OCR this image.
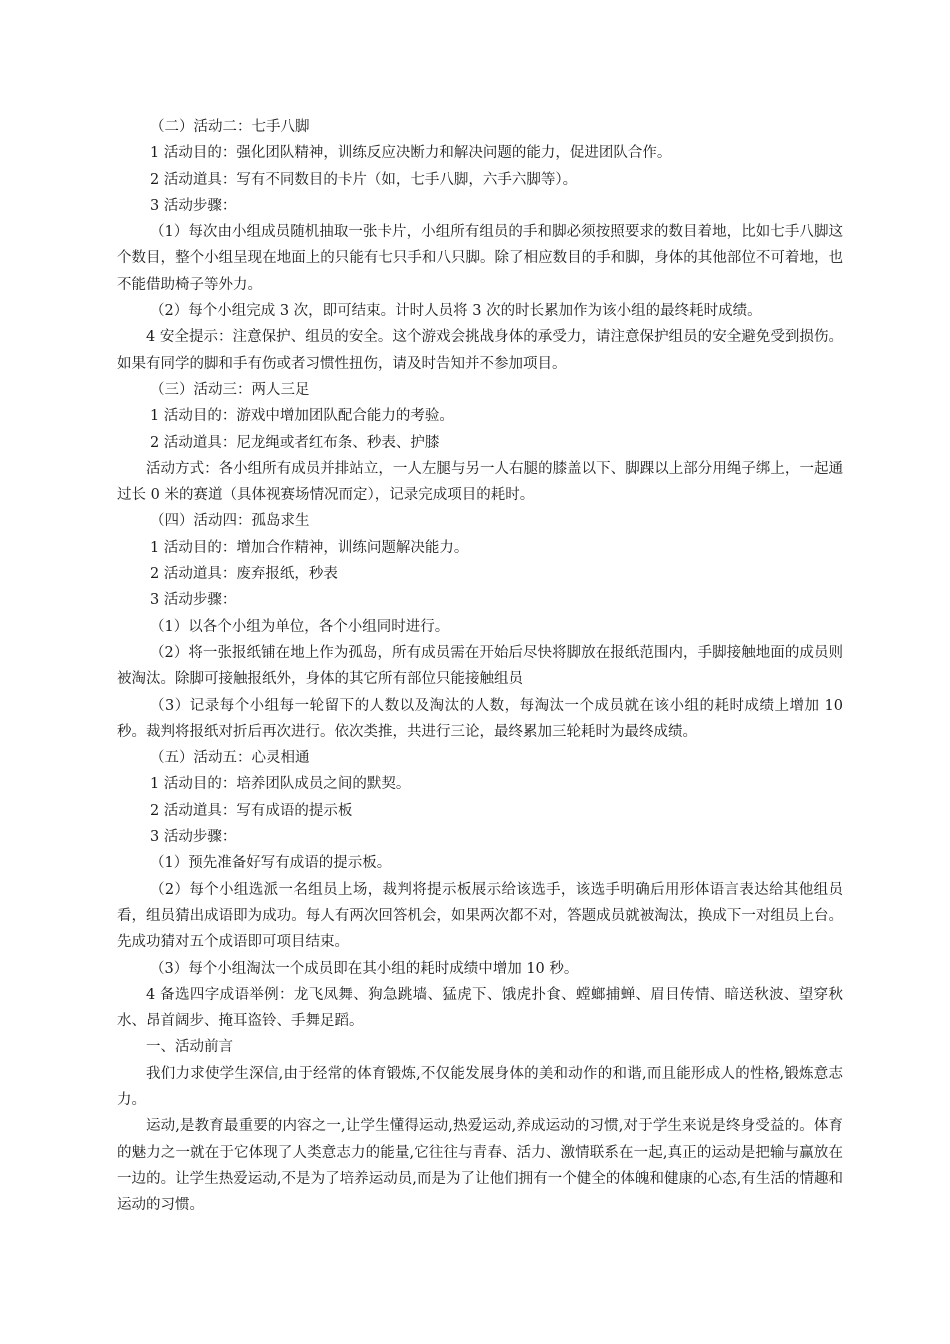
（二）活动二：七手八脚

1 活动目的：强化团队精神，训练反应决断力和解决问题的能力，促进团队合作。

2 活动道具：写有不同数目的卡片（如，七手八脚，六手六脚等）。

3 活动步骤：

（1）每次由小组成员随机抽取一张卡片，小组所有组员的手和脚必须按照要求的数目着地，比如七手八脚这个数目，整个小组呈现在地面上的只能有七只手和八只脚。除了相应数目的手和脚，身体的其他部位不可着地，也不能借助椅子等外力。

（2）每个小组完成 3 次，即可结束。计时人员将 3 次的时长累加作为该小组的最终耗时成绩。

4 安全提示：注意保护、组员的安全。这个游戏会挑战身体的承受力，请注意保护组员的安全避免受到损伤。如果有同学的脚和手有伤或者习惯性扭伤，请及时告知并不参加项目。

（三）活动三：两人三足

1 活动目的：游戏中增加团队配合能力的考验。

2 活动道具：尼龙绳或者红布条、秒表、护膝

活动方式：各小组所有成员并排站立，一人左腿与另一人右腿的膝盖以下、脚踝以上部分用绳子绑上，一起通过长 0 米的赛道（具体视赛场情况而定），记录完成项目的耗时。

（四）活动四：孤岛求生

1 活动目的：增加合作精神，训练问题解决能力。

2 活动道具：废弃报纸，秒表

3 活动步骤：

（1）以各个小组为单位，各个小组同时进行。

（2）将一张报纸铺在地上作为孤岛，所有成员需在开始后尽快将脚放在报纸范围内，手脚接触地面的成员则被淘汰。除脚可接触报纸外，身体的其它所有部位只能接触组员

（3）记录每个小组每一轮留下的人数以及淘汰的人数，每淘汰一个成员就在该小组的耗时成绩上增加 10 秒。裁判将报纸对折后再次进行。依次类推，共进行三论，最终累加三轮耗时为最终成绩。

（五）活动五：心灵相通

1 活动目的：培养团队成员之间的默契。

2 活动道具：写有成语的提示板

3 活动步骤：

（1）预先准备好写有成语的提示板。

（2）每个小组选派一名组员上场，裁判将提示板展示给该选手，该选手明确后用形体语言表达给其他组员看，组员猜出成语即为成功。每人有两次回答机会，如果两次都不对，答题成员就被淘汰，换成下一对组员上台。先成功猜对五个成语即可项目结束。

（3）每个小组淘汰一个成员即在其小组的耗时成绩中增加 10 秒。

4 备选四字成语举例：龙飞凤舞、狗急跳墙、猛虎下、饿虎扑食、螳螂捕蝉、眉目传情、暗送秋波、望穿秋水、昂首阔步、掩耳盗铃、手舞足蹈。

一、活动前言

我们力求使学生深信,由于经常的体育锻炼,不仅能发展身体的美和动作的和谐,而且能形成人的性格,锻炼意志力。

运动,是教育最重要的内容之一,让学生懂得运动,热爱运动,养成运动的习惯,对于学生来说是终身受益的。体育的魅力之一就在于它体现了人类意志力的能量,它往往与青春、活力、激情联系在一起,真正的运动是把输与赢放在一边的。让学生热爱运动,不是为了培养运动员,而是为了让他们拥有一个健全的体魄和健康的心态,有生活的情趣和运动的习惯。
